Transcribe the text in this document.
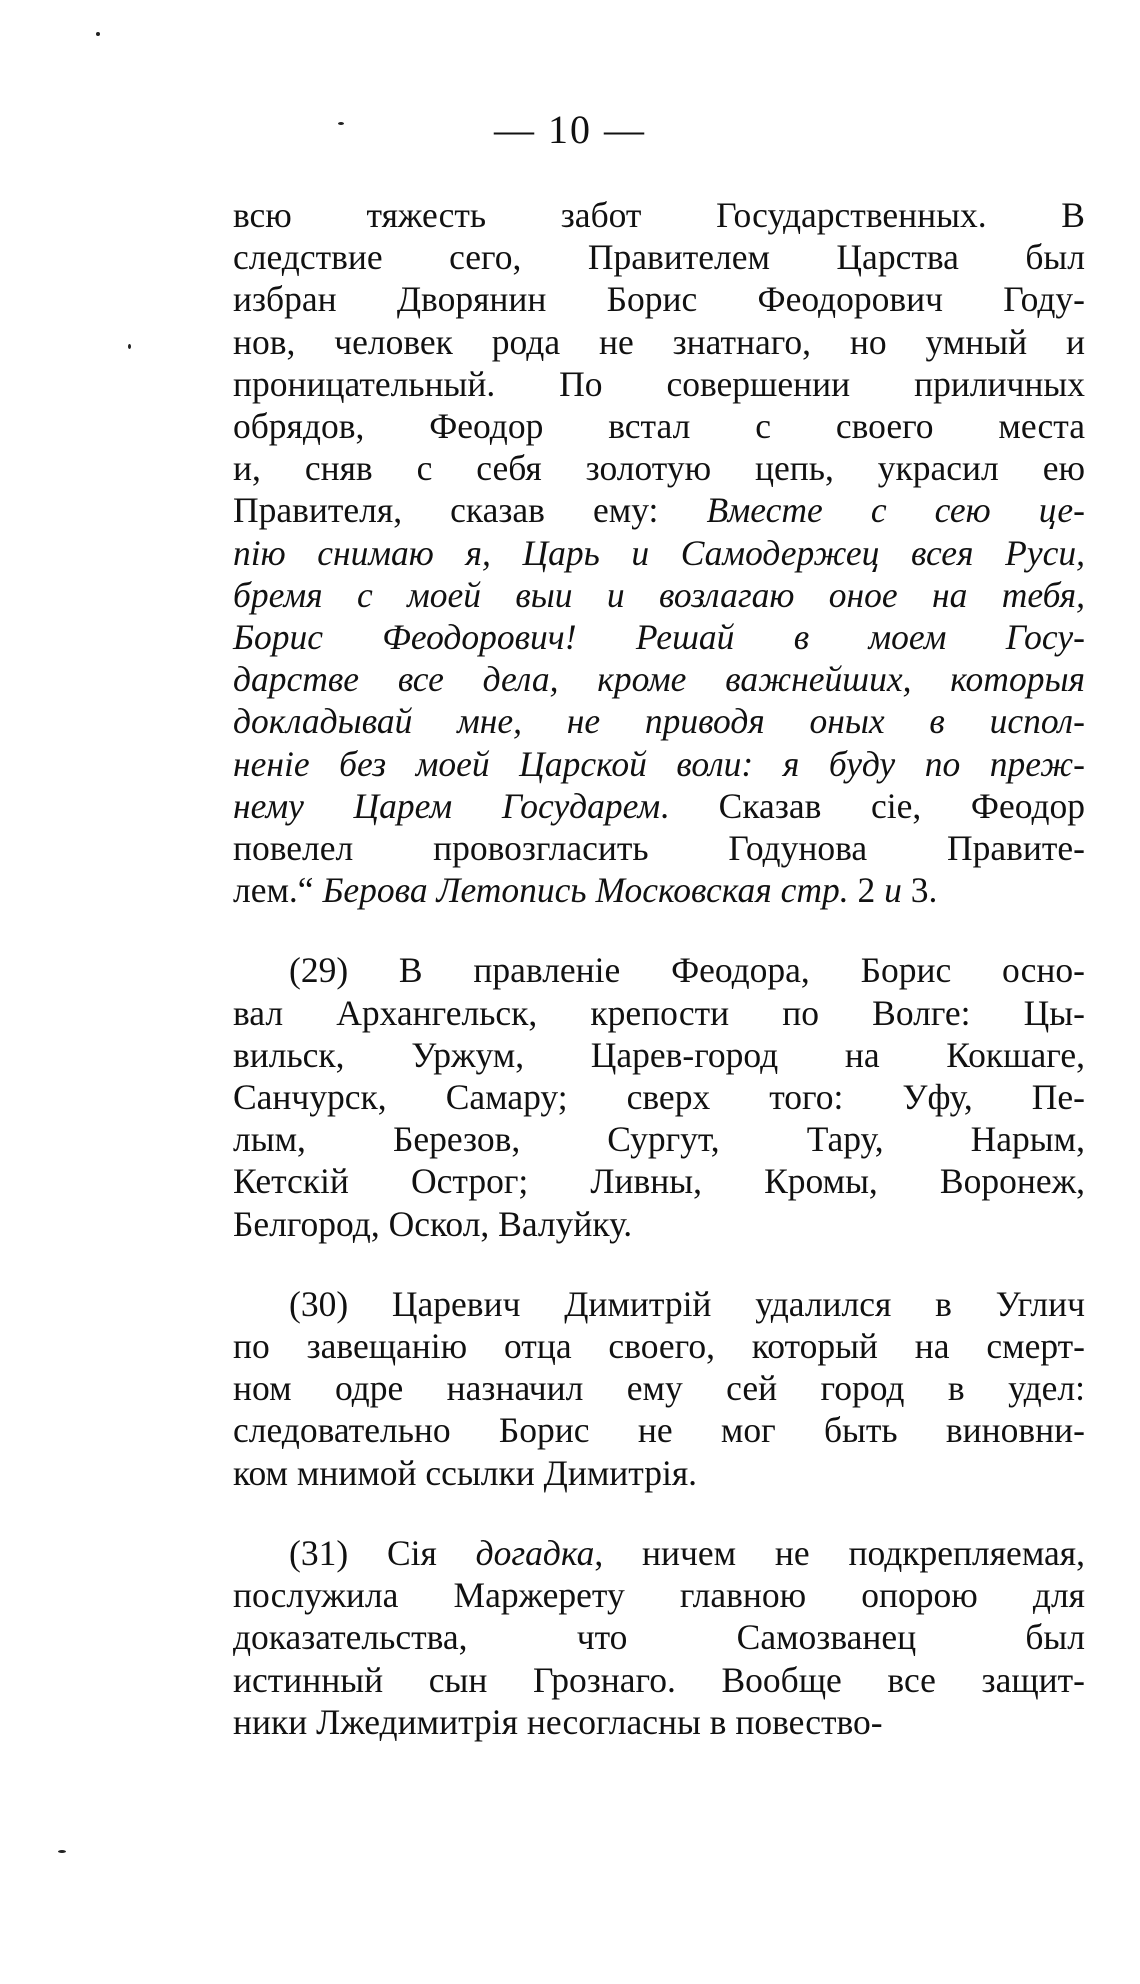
— 10 —
всю тяжесть забот Государственных. В
следствие сего, Правителем Царства был
избран Дворянин Борис Феодорович Году-
нов, человек рода не знатнаго, но умный и
проницательный. По совершении приличных
обрядов, Феодор встал с своего места
и, сняв с себя золотую цепь, украсил ею
Правителя, сказав ему: Вместе с сею це-
пію снимаю я, Царь и Самодержец всея Руси,
бремя с моей выи и возлагаю оное на тебя,
Борис Феодорович! Решай в моем Госу-
дарстве все дела, кроме важнейших, которыя
докладывай мне, не приводя оных в испол-
неніе без моей Царской воли: я буду по преж-
нему Царем Государем. Сказав сіе, Феодор
повелел провозгласить Годунова Правите-
лем.“ Берова Летопись Московская стр. 2 и 3.
(29) В правленіе Феодора, Борис осно-
вал Архангельск, крепости по Волге: Цы-
вильск, Уржум, Царев-город на Кокшаге,
Санчурск, Самару; сверх того: Уфу, Пе-
лым, Березов, Сургут, Тару, Нарым,
Кетскій Острог; Ливны, Кромы, Воронеж,
Белгород, Оскол, Валуйку.
(30) Царевич Димитрій удалился в Углич
по завещанію отца своего, который на смерт-
ном одре назначил ему сей город в удел:
следовательно Борис не мог быть виновни-
ком мнимой ссылки Димитрія.
(31) Сія догадка, ничем не подкрепляемая,
послужила Маржерету главною опорою для
доказательства, что Самозванец был
истинный сын Грознаго. Вообще все защит-
ники Лжедимитрія несогласны в повество-
